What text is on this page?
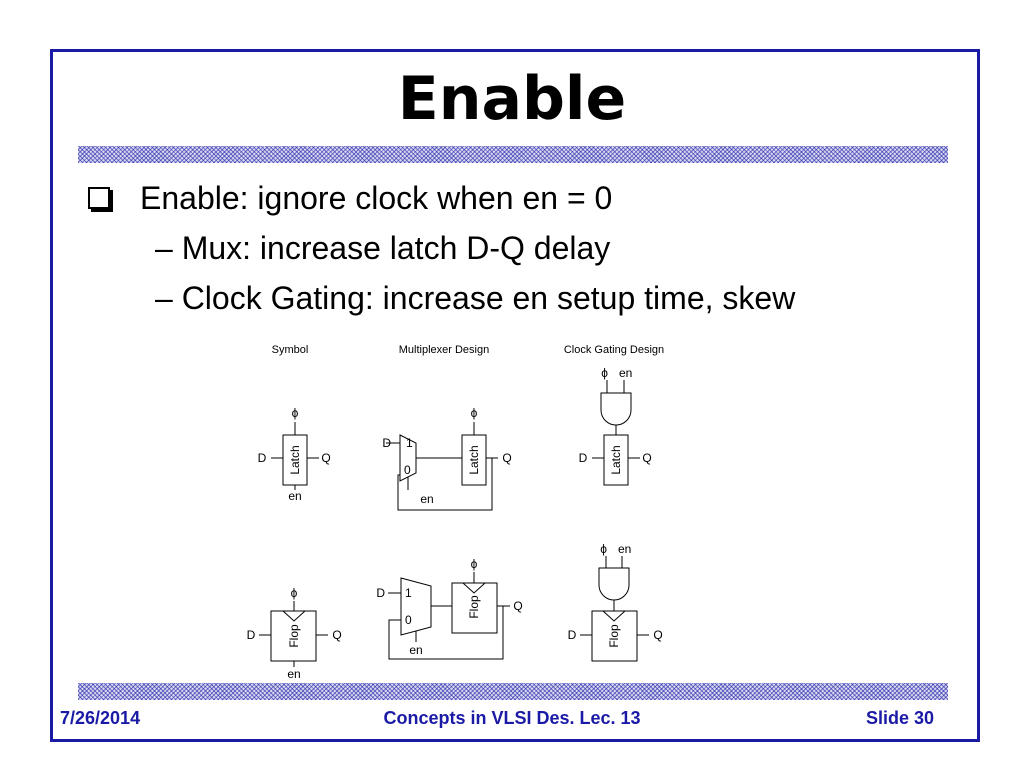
Enable
Enable: ignore clock when en = 0
– Mux: increase latch D-Q delay
– Clock Gating: increase en setup time, skew
Symbol	Multiplexer Design	Clock Gating Design
ϕ
D	Q
en
Latch
D 1
0
en
ϕ
Q
Latch
ϕ en
D	Q
Latch
ϕ
D	Q
en
Flop
D 1
0
en
ϕ
Q
Flop
ϕ en
D	Q
Flop
7/26/2014	Concepts in VLSI Des. Lec. 13	Slide 30
